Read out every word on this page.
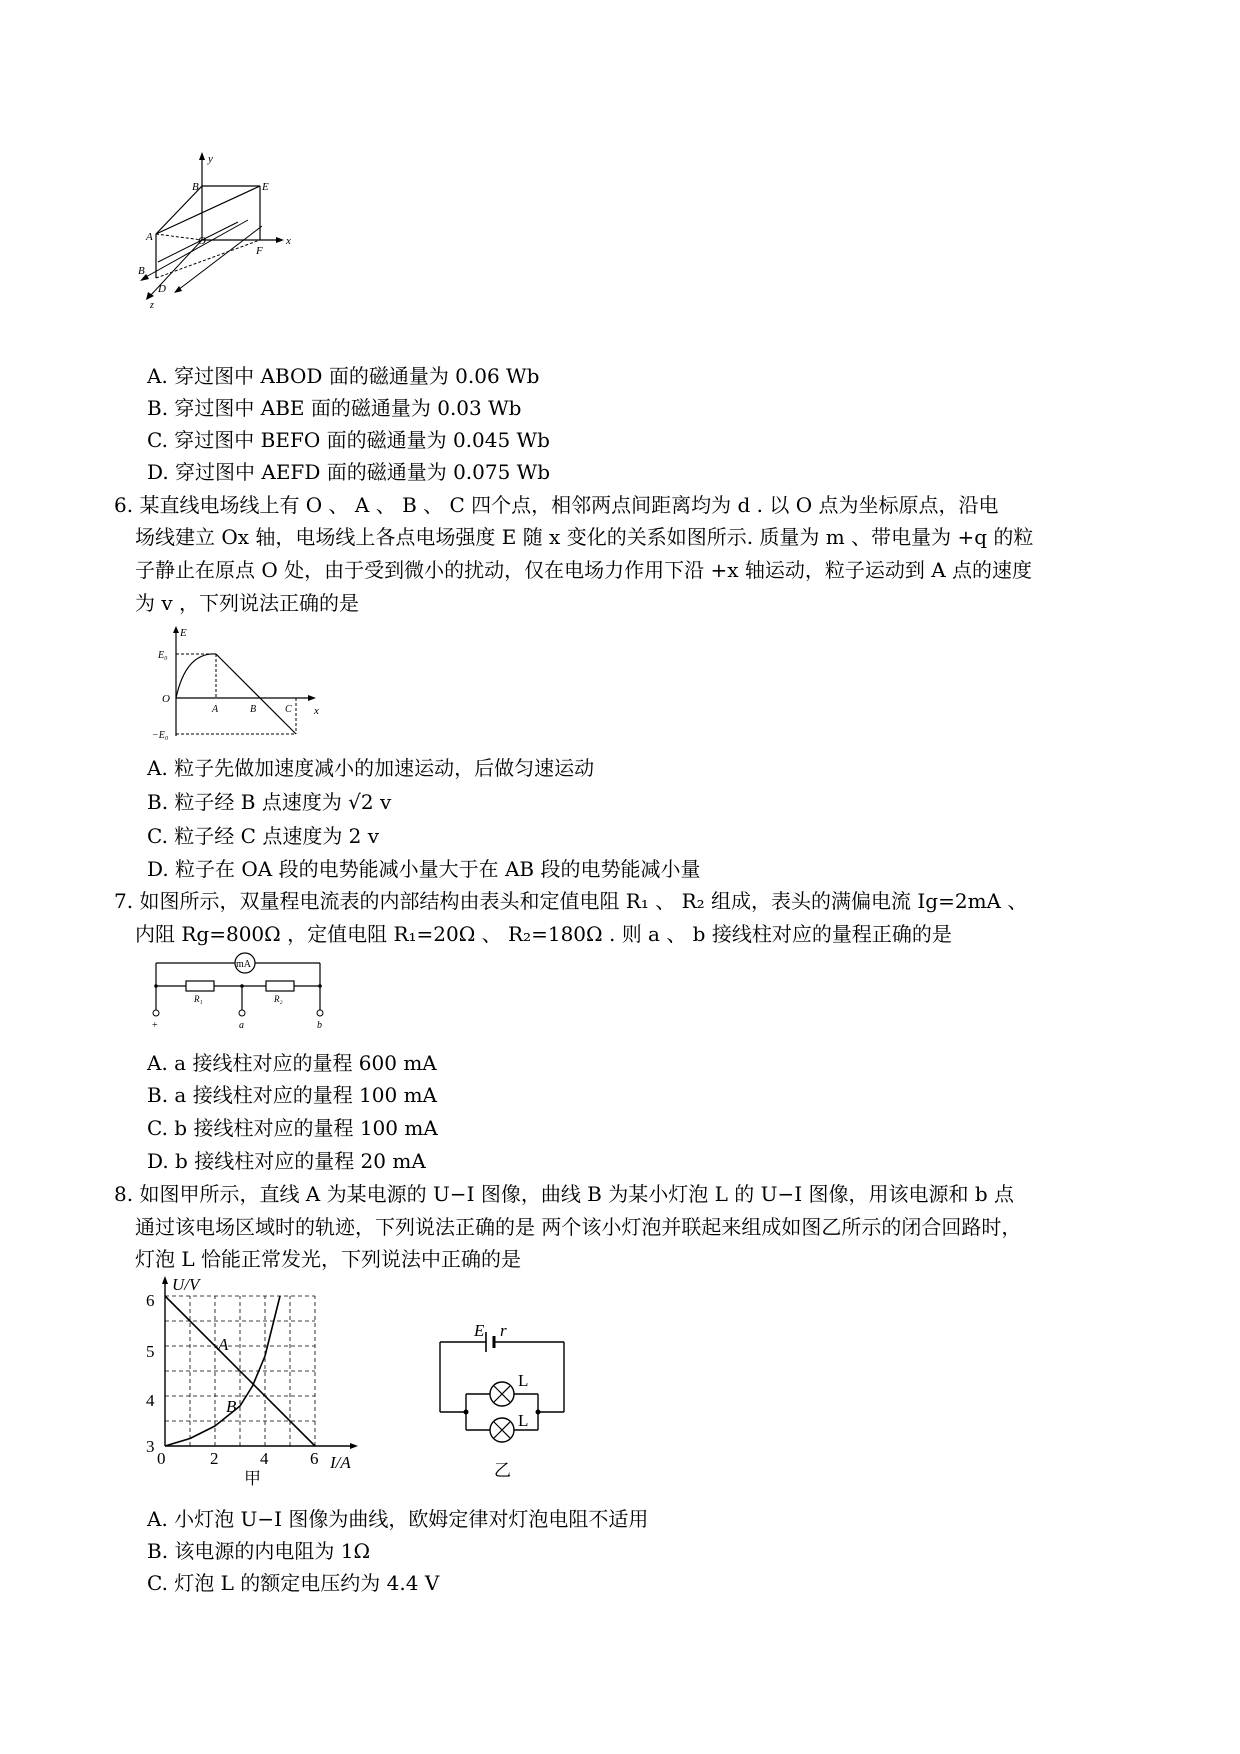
y
x
z
B	E
A	O
F
B
D
A. 穿过图中 ABOD 面的磁通量为 0.06 Wb
B. 穿过图中 ABE 面的磁通量为 0.03 Wb
C. 穿过图中 BEFO 面的磁通量为 0.045 Wb
D. 穿过图中 AEFD 面的磁通量为 0.075 Wb
6. 某直线电场线上有 O 、 A 、 B 、 C 四个点，相邻两点间距离均为 d . 以 O 点为坐标原点，沿电
场线建立 Ox 轴，电场线上各点电场强度 E 随 x 变化的关系如图所示. 质量为 m 、带电量为 +q 的粒
子静止在原点 O 处，由于受到微小的扰动，仅在电场力作用下沿 +x 轴运动，粒子运动到 A 点的速度
为 v ，下列说法正确的是
E
E₀
O
−E₀
A	B	C x
A. 粒子先做加速度减小的加速运动，后做匀速运动
B. 粒子经 B 点速度为 √2 v
C. 粒子经 C 点速度为 2 v
D. 粒子在 OA 段的电势能减小量大于在 AB 段的电势能减小量
7. 如图所示，双量程电流表的内部结构由表头和定值电阻 R₁ 、 R₂ 组成，表头的满偏电流 Ig=2mA 、
内阻 Rg=800Ω ，定值电阻 R₁=20Ω 、 R₂=180Ω . 则 a 、 b 接线柱对应的量程正确的是
mA
R₁	R₂
+	a	b
A. a 接线柱对应的量程 600 mA
B. a 接线柱对应的量程 100 mA
C. b 接线柱对应的量程 100 mA
D. b 接线柱对应的量程 20 mA
8. 如图甲所示，直线 A 为某电源的 U−I 图像，曲线 B 为某小灯泡 L 的 U−I 图像，用该电源和 b 点
通过该电场区域时的轨迹，下列说法正确的是 两个该小灯泡并联起来组成如图乙所示的闭合回路时，
灯泡 L 恰能正常发光，下列说法中正确的是
U/V
I/A
6
5
4
3
0	2 4 6
A
B
甲
E r
L
L
乙
A. 小灯泡 U−I 图像为曲线，欧姆定律对灯泡电阻不适用
B. 该电源的内电阻为 1Ω
C. 灯泡 L 的额定电压约为 4.4 V
